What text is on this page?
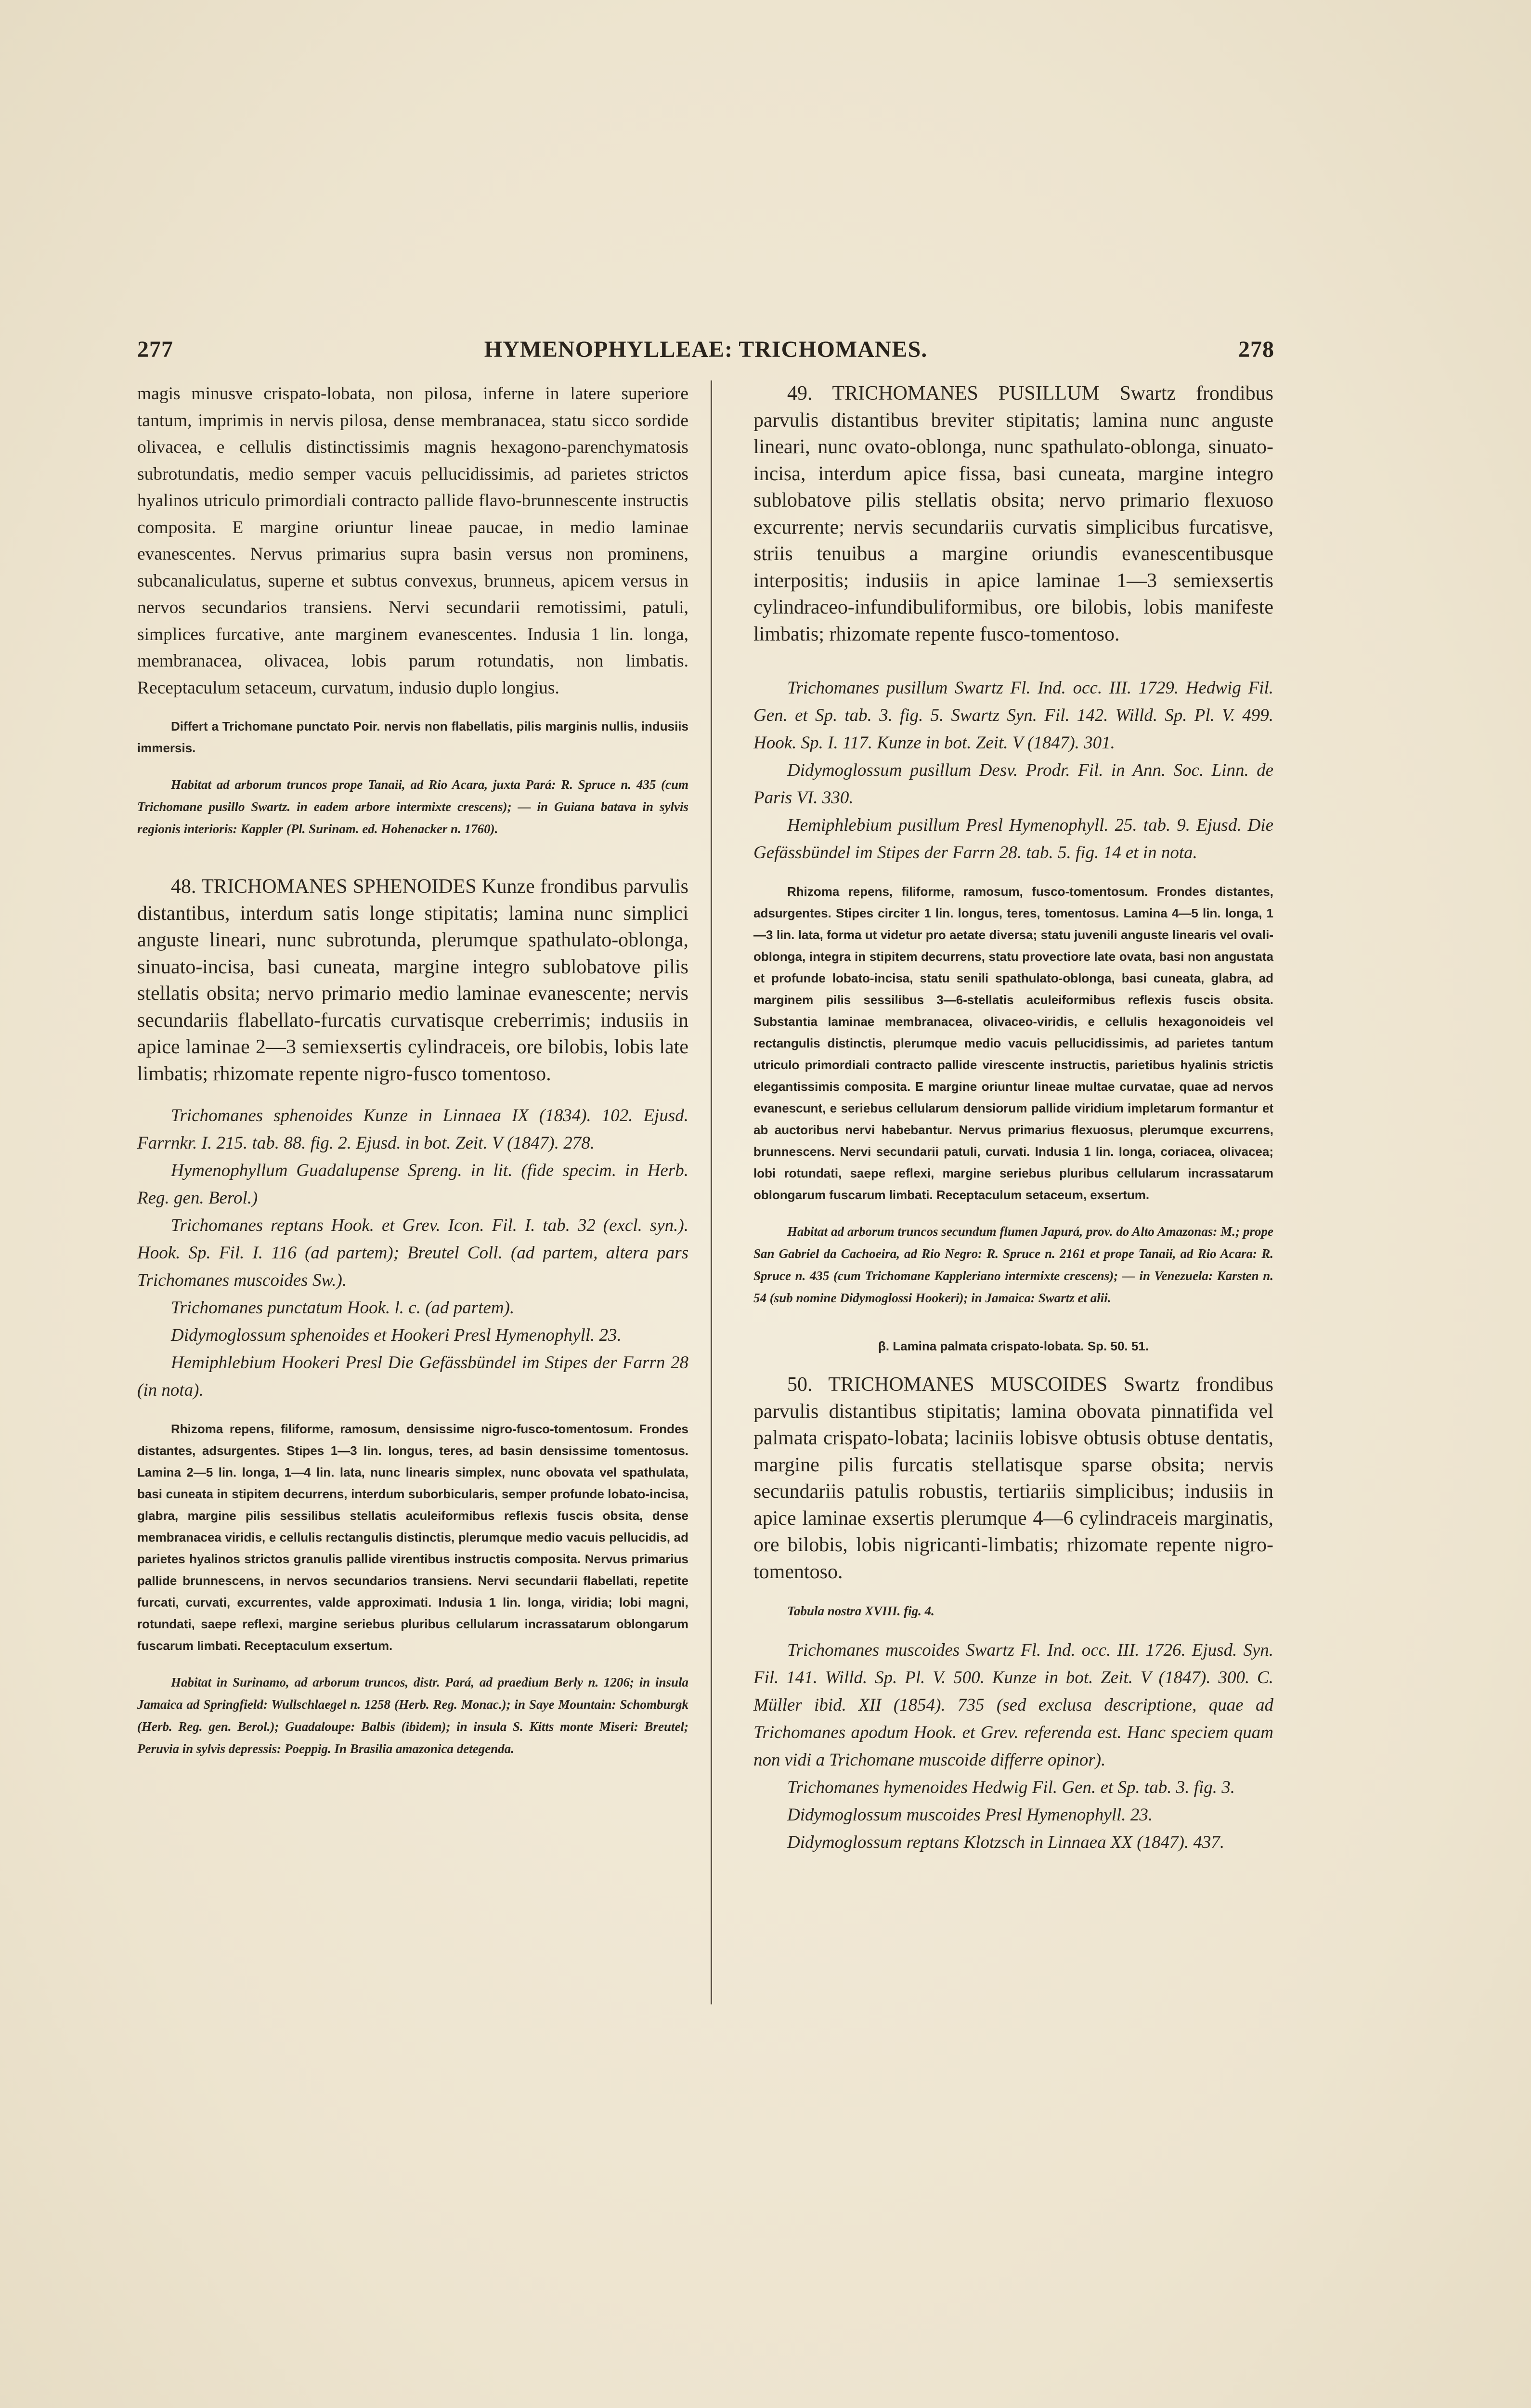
277	HYMENOPHYLLEAE: TRICHOMANES.	278

magis minusve crispato-lobata, non pilosa, inferne in latere superiore tantum, imprimis in nervis pilosa, dense membranacea, statu sicco sordide olivacea, e cellulis distinctissimis magnis hexagono-parenchymatosis subrotundatis, medio semper vacuis pellucidissimis, ad parietes strictos hyalinos utriculo primordiali contracto pallide flavo-brunnescente instructis composita. E margine oriuntur lineae paucae, in medio laminae evanescentes. Nervus primarius supra basin versus non prominens, subcanaliculatus, superne et subtus convexus, brunneus, apicem versus in nervos secundarios transiens. Nervi secundarii remotissimi, patuli, simplices furcative, ante marginem evanescentes. Indusia 1 lin. longa, membranacea, olivacea, lobis parum rotundatis, non limbatis. Receptaculum setaceum, curvatum, indusio duplo longius.

Differt a Trichomane punctato Poir. nervis non flabellatis, pilis marginis nullis, indusiis immersis.

Habitat ad arborum truncos prope Tanaii, ad Rio Acara, juxta Pará: R. Spruce n. 435 (cum Trichomane pusillo Swartz. in eadem arbore intermixte crescens); — in Guiana batava in sylvis regionis interioris: Kappler (Pl. Surinam. ed. Hohenacker n. 1760).

48. TRICHOMANES SPHENOIDES Kunze frondibus parvulis distantibus, interdum satis longe stipitatis; lamina nunc simplici anguste lineari, nunc subrotunda, plerumque spathulato-oblonga, sinuato-incisa, basi cuneata, margine integro sublobatove pilis stellatis obsita; nervo primario medio laminae evanescente; nervis secundariis flabellato-furcatis curvatisque creberrimis; indusiis in apice laminae 2—3 semiexsertis cylindraceis, ore bilobis, lobis late limbatis; rhizomate repente nigro-fusco tomentoso.

Trichomanes sphenoides Kunze in Linnaea IX (1834). 102. Ejusd. Farrnkr. I. 215. tab. 88. fig. 2. Ejusd. in bot. Zeit. V (1847). 278.

Hymenophyllum Guadalupense Spreng. in lit. (fide specim. in Herb. Reg. gen. Berol.)

Trichomanes reptans Hook. et Grev. Icon. Fil. I. tab. 32 (excl. syn.). Hook. Sp. Fil. I. 116 (ad partem); Breutel Coll. (ad partem, altera pars Trichomanes muscoides Sw.).

Trichomanes punctatum Hook. l. c. (ad partem).

Didymoglossum sphenoides et Hookeri Presl Hymenophyll. 23.

Hemiphlebium Hookeri Presl Die Gefässbündel im Stipes der Farrn 28 (in nota).

Rhizoma repens, filiforme, ramosum, densissime nigro-fusco-tomentosum. Frondes distantes, adsurgentes. Stipes 1—3 lin. longus, teres, ad basin densissime tomentosus. Lamina 2—5 lin. longa, 1—4 lin. lata, nunc linearis simplex, nunc obovata vel spathulata, basi cuneata in stipitem decurrens, interdum suborbicularis, semper profunde lobato-incisa, glabra, margine pilis sessilibus stellatis aculeiformibus reflexis fuscis obsita, dense membranacea viridis, e cellulis rectangulis distinctis, plerumque medio vacuis pellucidis, ad parietes hyalinos strictos granulis pallide virentibus instructis composita. Nervus primarius pallide brunnescens, in nervos secundarios transiens. Nervi secundarii flabellati, repetite furcati, curvati, excurrentes, valde approximati. Indusia 1 lin. longa, viridia; lobi magni, rotundati, saepe reflexi, margine seriebus pluribus cellularum incrassatarum oblongarum fuscarum limbati. Receptaculum exsertum.

Habitat in Surinamo, ad arborum truncos, distr. Pará, ad praedium Berly n. 1206; in insula Jamaica ad Springfield: Wullschlaegel n. 1258 (Herb. Reg. Monac.); in Saye Mountain: Schomburgk (Herb. Reg. gen. Berol.); Guadaloupe: Balbis (ibidem); in insula S. Kitts monte Miseri: Breutel; Peruvia in sylvis depressis: Poeppig. In Brasilia amazonica detegenda.

49. TRICHOMANES PUSILLUM Swartz frondibus parvulis distantibus breviter stipitatis; lamina nunc anguste lineari, nunc ovato-oblonga, nunc spathulato-oblonga, sinuato-incisa, interdum apice fissa, basi cuneata, margine integro sublobatove pilis stellatis obsita; nervo primario flexuoso excurrente; nervis secundariis curvatis simplicibus furcatisve, striis tenuibus a margine oriundis evanescentibusque interpositis; indusiis in apice laminae 1—3 semiexsertis cylindraceo-infundibuliformibus, ore bilobis, lobis manifeste limbatis; rhizomate repente fusco-tomentoso.

Trichomanes pusillum Swartz Fl. Ind. occ. III. 1729. Hedwig Fil. Gen. et Sp. tab. 3. fig. 5. Swartz Syn. Fil. 142. Willd. Sp. Pl. V. 499. Hook. Sp. I. 117. Kunze in bot. Zeit. V (1847). 301.

Didymoglossum pusillum Desv. Prodr. Fil. in Ann. Soc. Linn. de Paris VI. 330.

Hemiphlebium pusillum Presl Hymenophyll. 25. tab. 9. Ejusd. Die Gefässbündel im Stipes der Farrn 28. tab. 5. fig. 14 et in nota.

Rhizoma repens, filiforme, ramosum, fusco-tomentosum. Frondes distantes, adsurgentes. Stipes circiter 1 lin. longus, teres, tomentosus. Lamina 4—5 lin. longa, 1—3 lin. lata, forma ut videtur pro aetate diversa; statu juvenili anguste linearis vel ovali-oblonga, integra in stipitem decurrens, statu provectiore late ovata, basi non angustata et profunde lobato-incisa, statu senili spathulato-oblonga, basi cuneata, glabra, ad marginem pilis sessilibus 3—6-stellatis aculeiformibus reflexis fuscis obsita. Substantia laminae membranacea, olivaceo-viridis, e cellulis hexagonoideis vel rectangulis distinctis, plerumque medio vacuis pellucidissimis, ad parietes tantum utriculo primordiali contracto pallide virescente instructis, parietibus hyalinis strictis elegantissimis composita. E margine oriuntur lineae multae curvatae, quae ad nervos evanescunt, e seriebus cellularum densiorum pallide viridium impletarum formantur et ab auctoribus nervi habebantur. Nervus primarius flexuosus, plerumque excurrens, brunnescens. Nervi secundarii patuli, curvati. Indusia 1 lin. longa, coriacea, olivacea; lobi rotundati, saepe reflexi, margine seriebus pluribus cellularum incrassatarum oblongarum fuscarum limbati. Receptaculum setaceum, exsertum.

Habitat ad arborum truncos secundum flumen Japurá, prov. do Alto Amazonas: M.; prope San Gabriel da Cachoeira, ad Rio Negro: R. Spruce n. 2161 et prope Tanaii, ad Rio Acara: R. Spruce n. 435 (cum Trichomane Kappleriano intermixte crescens); — in Venezuela: Karsten n. 54 (sub nomine Didymoglossi Hookeri); in Jamaica: Swartz et alii.

β. Lamina palmata crispato-lobata. Sp. 50. 51.

50. TRICHOMANES MUSCOIDES Swartz frondibus parvulis distantibus stipitatis; lamina obovata pinnatifida vel palmata crispato-lobata; laciniis lobisve obtusis obtuse dentatis, margine pilis furcatis stellatisque sparse obsita; nervis secundariis patulis robustis, tertiariis simplicibus; indusiis in apice laminae exsertis plerumque 4—6 cylindraceis marginatis, ore bilobis, lobis nigricanti-limbatis; rhizomate repente nigro-tomentoso.

Tabula nostra XVIII. fig. 4.

Trichomanes muscoides Swartz Fl. Ind. occ. III. 1726. Ejusd. Syn. Fil. 141. Willd. Sp. Pl. V. 500. Kunze in bot. Zeit. V (1847). 300. C. Müller ibid. XII (1854). 735 (sed exclusa descriptione, quae ad Trichomanes apodum Hook. et Grev. referenda est. Hanc speciem quam non vidi a Trichomane muscoide differre opinor).

Trichomanes hymenoides Hedwig Fil. Gen. et Sp. tab. 3. fig. 3.

Didymoglossum muscoides Presl Hymenophyll. 23.

Didymoglossum reptans Klotzsch in Linnaea XX (1847). 437.
